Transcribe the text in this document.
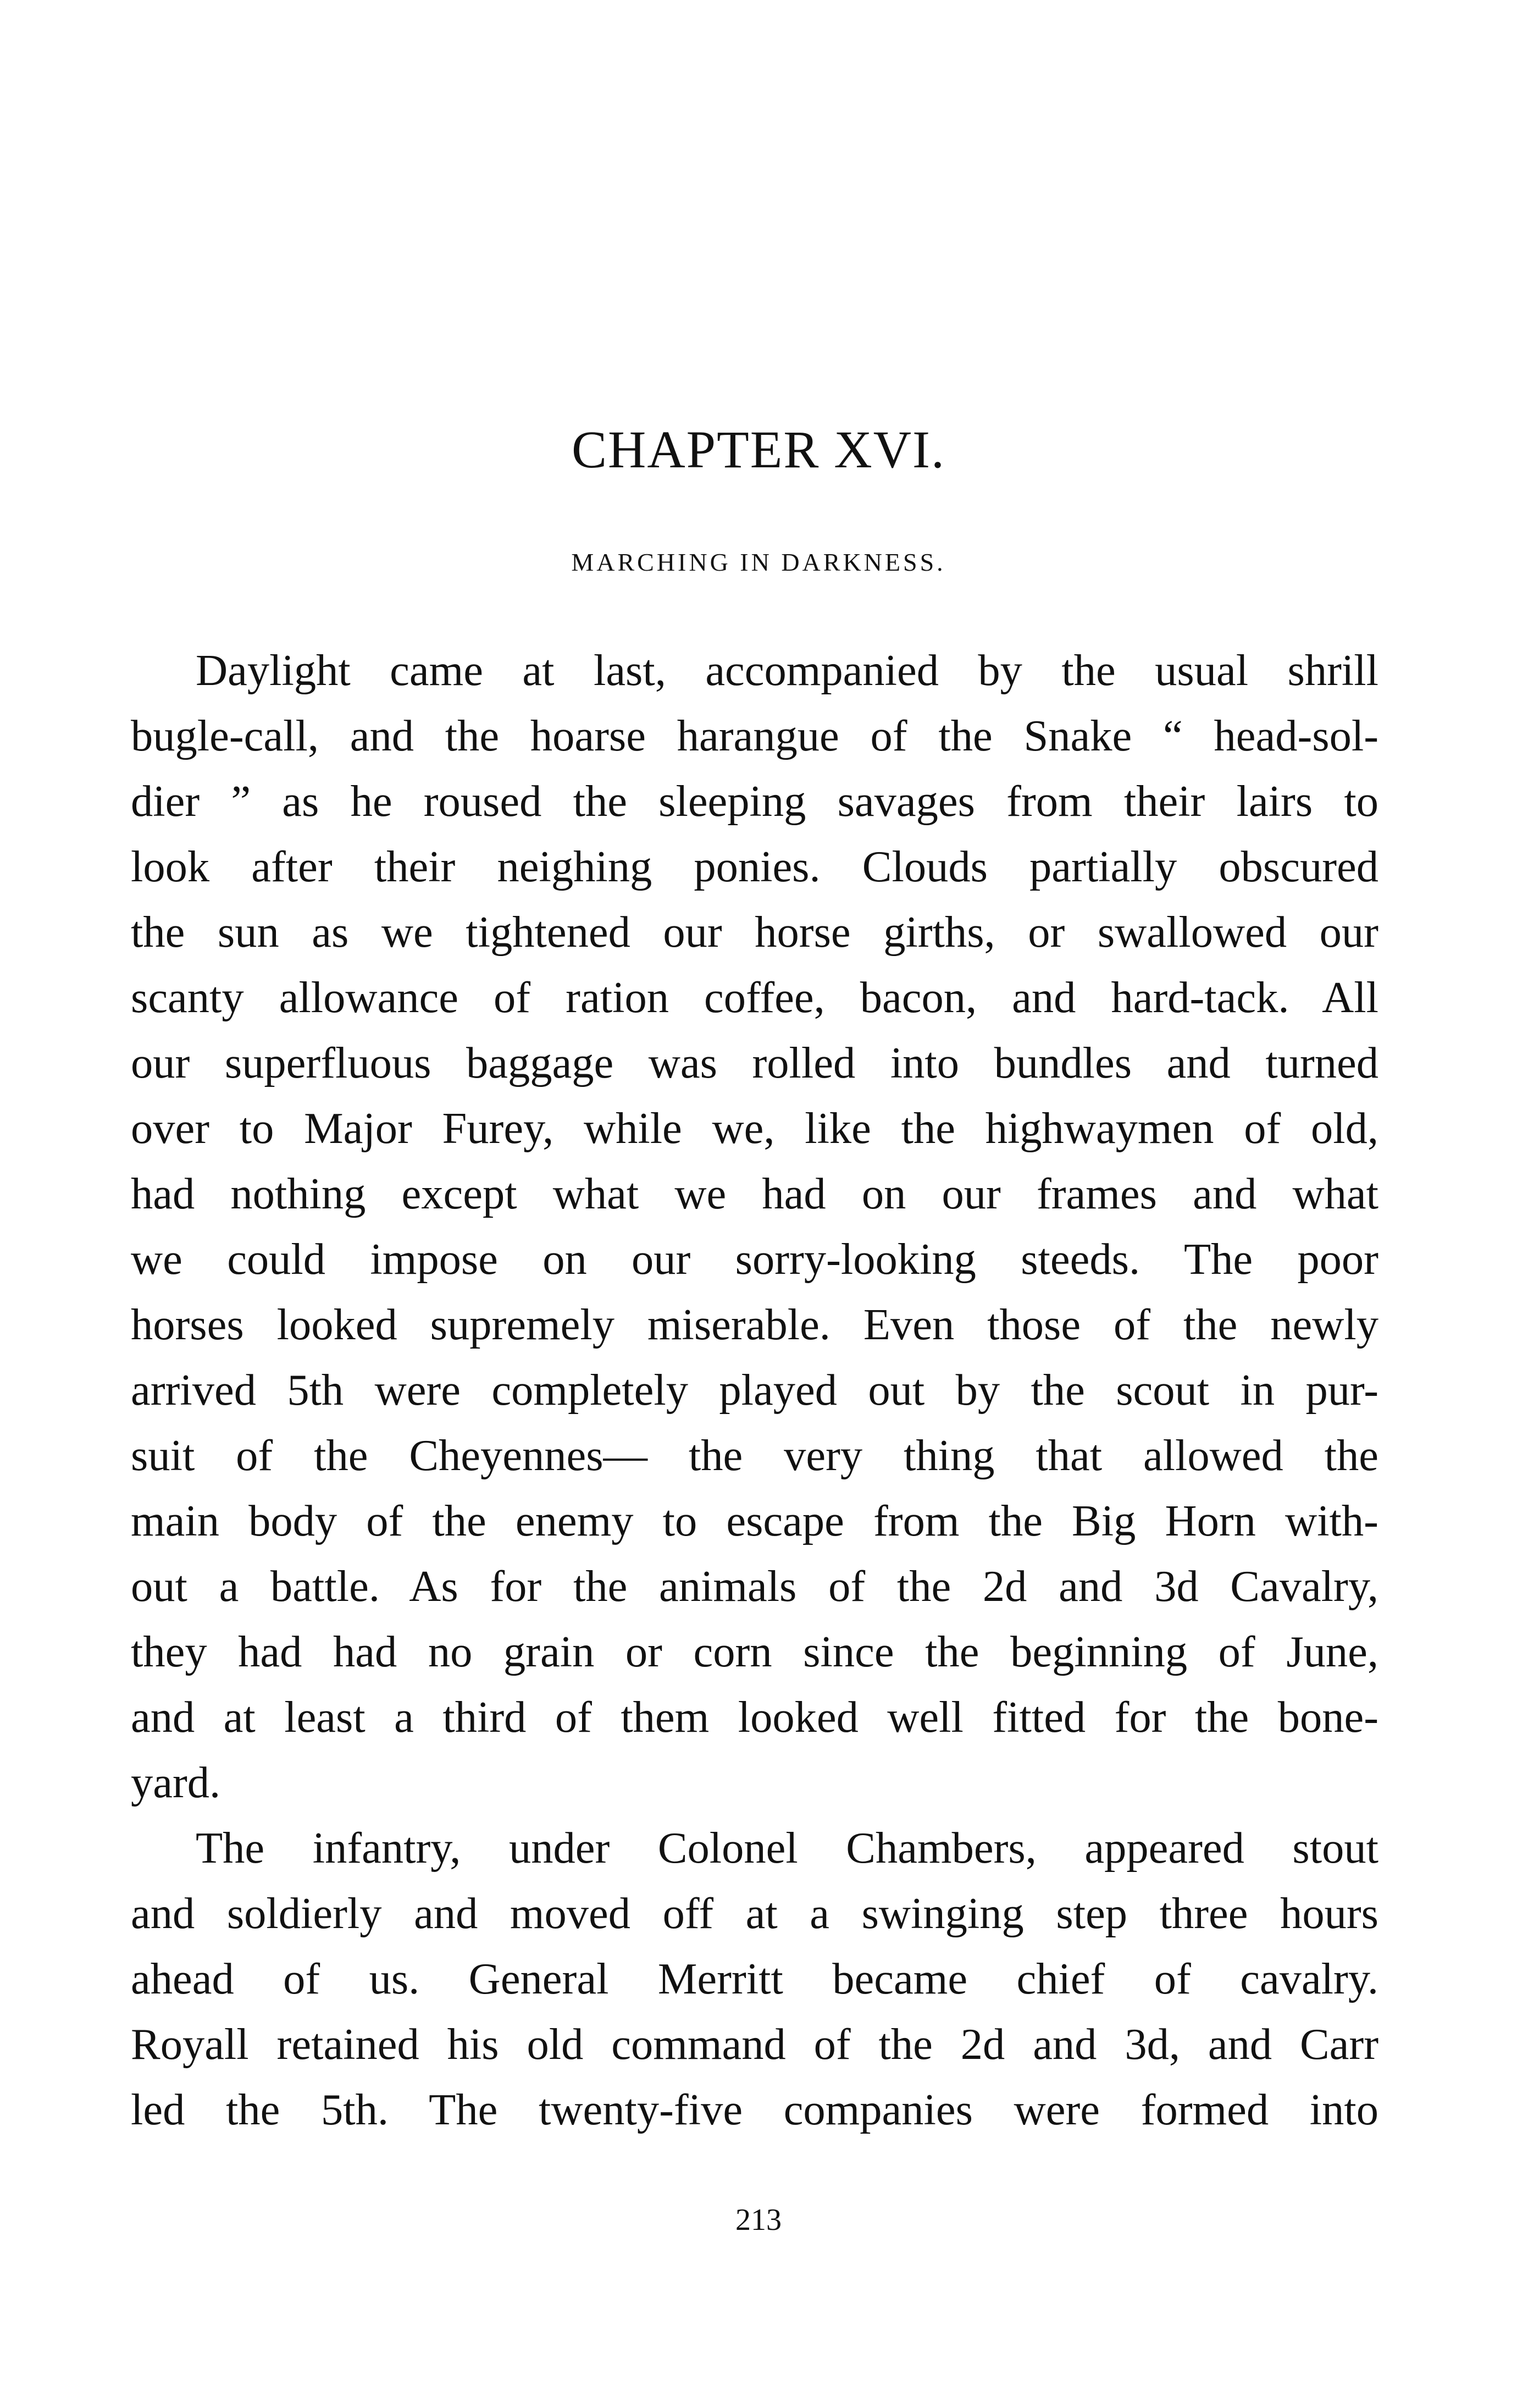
CHAPTER XVI.
MARCHING IN DARKNESS.
Daylight came at last, accompanied by the usual shrill
bugle-call, and the hoarse harangue of the Snake “ head-sol-
dier ” as he roused the sleeping savages from their lairs to
look after their neighing ponies. Clouds partially obscured
the sun as we tightened our horse girths, or swallowed our
scanty allowance of ration coffee, bacon, and hard-tack. All
our superfluous baggage was rolled into bundles and turned
over to Major Furey, while we, like the highwaymen of old,
had nothing except what we had on our frames and what
we could impose on our sorry-looking steeds. The poor
horses looked supremely miserable. Even those of the newly
arrived 5th were completely played out by the scout in pur-
suit of the Cheyennes— the very thing that allowed the
main body of the enemy to escape from the Big Horn with-
out a battle. As for the animals of the 2d and 3d Cavalry,
they had had no grain or corn since the beginning of June,
and at least a third of them looked well fitted for the bone-
yard.
The infantry, under Colonel Chambers, appeared stout
and soldierly and moved off at a swinging step three hours
ahead of us. General Merritt became chief of cavalry.
Royall retained his old command of the 2d and 3d, and Carr
led the 5th. The twenty-five companies were formed into
213
